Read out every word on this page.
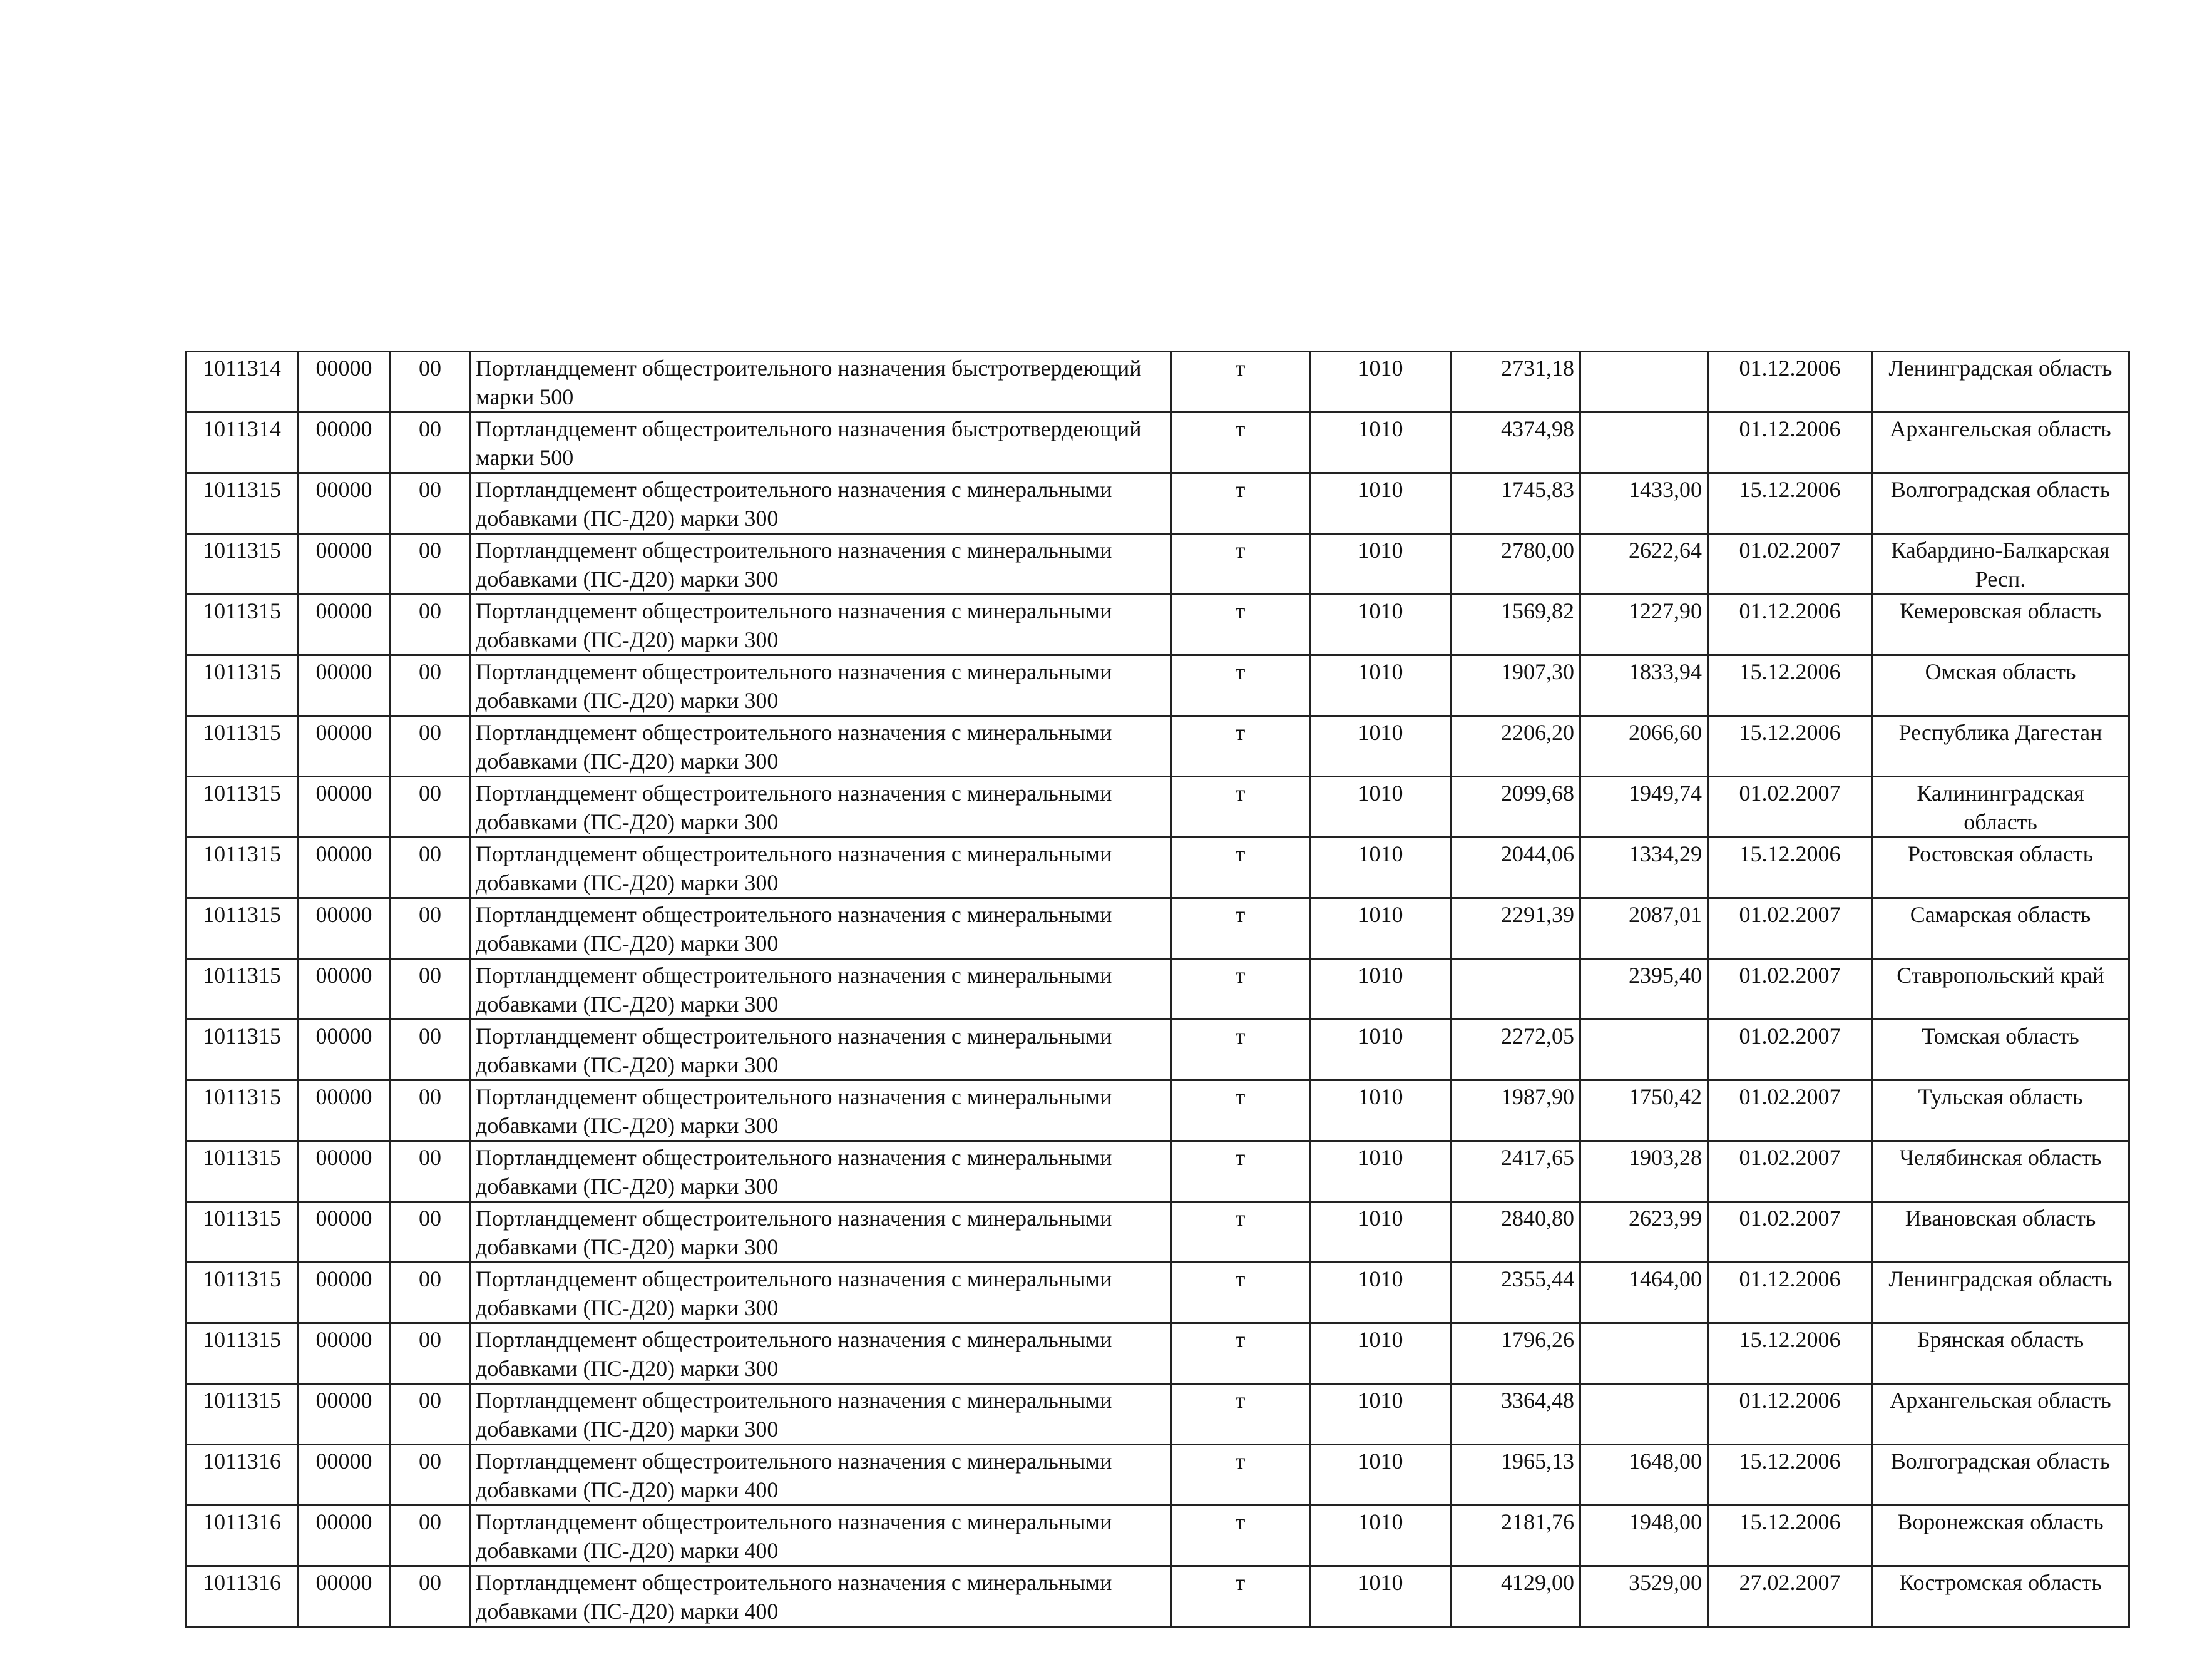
1011314	00000	00	Портландцемент общестроительного назначения быстротвердеющий марки 500	т	1010	2731,18		01.12.2006	Ленинградская область
1011314	00000	00	Портландцемент общестроительного назначения быстротвердеющий марки 500	т	1010	4374,98		01.12.2006	Архангельская область
1011315	00000	00	Портландцемент общестроительного назначения с минеральными добавками (ПС-Д20) марки 300	т	1010	1745,83	1433,00	15.12.2006	Волгоградская область
1011315	00000	00	Портландцемент общестроительного назначения с минеральными добавками (ПС-Д20) марки 300	т	1010	2780,00	2622,64	01.02.2007	Кабардино-Балкарская Респ.
1011315	00000	00	Портландцемент общестроительного назначения с минеральными добавками (ПС-Д20) марки 300	т	1010	1569,82	1227,90	01.12.2006	Кемеровская область
1011315	00000	00	Портландцемент общестроительного назначения с минеральными добавками (ПС-Д20) марки 300	т	1010	1907,30	1833,94	15.12.2006	Омская область
1011315	00000	00	Портландцемент общестроительного назначения с минеральными добавками (ПС-Д20) марки 300	т	1010	2206,20	2066,60	15.12.2006	Республика Дагестан
1011315	00000	00	Портландцемент общестроительного назначения с минеральными добавками (ПС-Д20) марки 300	т	1010	2099,68	1949,74	01.02.2007	Калининградская область
1011315	00000	00	Портландцемент общестроительного назначения с минеральными добавками (ПС-Д20) марки 300	т	1010	2044,06	1334,29	15.12.2006	Ростовская область
1011315	00000	00	Портландцемент общестроительного назначения с минеральными добавками (ПС-Д20) марки 300	т	1010	2291,39	2087,01	01.02.2007	Самарская область
1011315	00000	00	Портландцемент общестроительного назначения с минеральными добавками (ПС-Д20) марки 300	т	1010		2395,40	01.02.2007	Ставропольский край
1011315	00000	00	Портландцемент общестроительного назначения с минеральными добавками (ПС-Д20) марки 300	т	1010	2272,05		01.02.2007	Томская область
1011315	00000	00	Портландцемент общестроительного назначения с минеральными добавками (ПС-Д20) марки 300	т	1010	1987,90	1750,42	01.02.2007	Тульская область
1011315	00000	00	Портландцемент общестроительного назначения с минеральными добавками (ПС-Д20) марки 300	т	1010	2417,65	1903,28	01.02.2007	Челябинская область
1011315	00000	00	Портландцемент общестроительного назначения с минеральными добавками (ПС-Д20) марки 300	т	1010	2840,80	2623,99	01.02.2007	Ивановская область
1011315	00000	00	Портландцемент общестроительного назначения с минеральными добавками (ПС-Д20) марки 300	т	1010	2355,44	1464,00	01.12.2006	Ленинградская область
1011315	00000	00	Портландцемент общестроительного назначения с минеральными добавками (ПС-Д20) марки 300	т	1010	1796,26		15.12.2006	Брянская область
1011315	00000	00	Портландцемент общестроительного назначения с минеральными добавками (ПС-Д20) марки 300	т	1010	3364,48		01.12.2006	Архангельская область
1011316	00000	00	Портландцемент общестроительного назначения с минеральными добавками (ПС-Д20) марки 400	т	1010	1965,13	1648,00	15.12.2006	Волгоградская область
1011316	00000	00	Портландцемент общестроительного назначения с минеральными добавками (ПС-Д20) марки 400	т	1010	2181,76	1948,00	15.12.2006	Воронежская область
1011316	00000	00	Портландцемент общестроительного назначения с минеральными добавками (ПС-Д20) марки 400	т	1010	4129,00	3529,00	27.02.2007	Костромская область
